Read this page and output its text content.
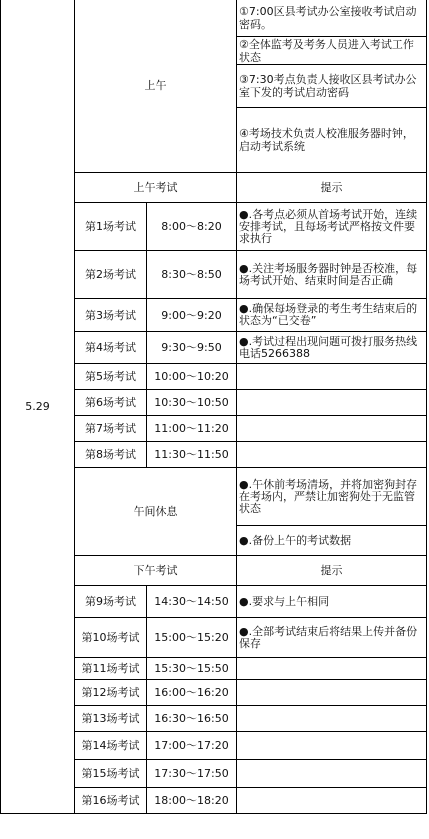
5.29	上午		①7:00区县考试办公室接收考试启动密码。
			②全体监考及考务人员进入考试工作状态
			③7:30考点负责人接收区县考试办公室下发的考试启动密码
			④考场技术负责人校准服务器时钟，启动考试系统
	上午考试		提示
	第1场考试	8:00～8:20	●.各考点必须从首场考试开始，连续安排考试，且每场考试严格按文件要求执行
	第2场考试	8:30～8:50	●.关注考场服务器时钟是否校准，每场考试开始、结束时间是否正确
	第3场考试	9:00～9:20	●.确保每场登录的考生考生结束后的状态为“已交卷”
	第4场考试	9:30～9:50	●.考试过程出现问题可拨打服务热线电话5266388
	第5场考试	10:00～10:20	
	第6场考试	10:30～10:50	
	第7场考试	11:00～11:20	
	第8场考试	11:30～11:50	
	午间休息		●.午休前考场清场，并将加密狗封存在考场内，严禁让加密狗处于无监管状态
			●.备份上午的考试数据
	下午考试		提示
	第9场考试	14:30～14:50	●.要求与上午相同
	第10场考试	15:00～15:20	●.全部考试结束后将结果上传并备份保存
	第11场考试	15:30～15:50	
	第12场考试	16:00～16:20	
	第13场考试	16:30～16:50	
	第14场考试	17:00～17:20	
	第15场考试	17:30～17:50	
	第16场考试	18:00～18:20	
